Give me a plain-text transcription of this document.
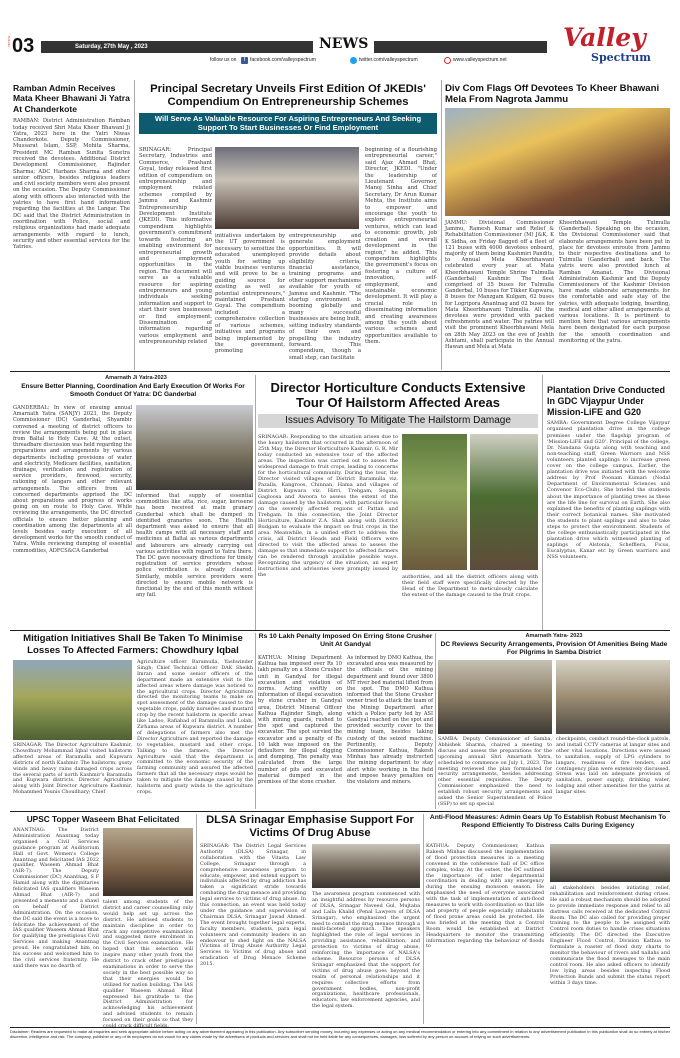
COLOR 03	Saturday, 27th May , 2023	NEWS
follow us on	f facebook.com/valleyspectrum	twitter.com/valleyspectrum	www.valleyspectrum.net
Valley
Spectrum
Ramban Admin Receives Mata Kheer Bhawani Ji Yatra At Chanderkote
RAMBAN: District Administration Ramban today received Shri Mata Kheer Bhawani Ji Yatra, 2023 here in the Yatri Niwas Chanderkote. Deputy Commissioner, Mussarat Islam, SSP, Mohita Sharma, President MC Ramban Sunita Sunetra received the devotees. Additional District Development Commissioner, Rajinder Sharma; ADC Harbans Sharma and other senior officers, besides religious leaders and civil society members were also present on the occasion. The Deputy Commissioner along with officers also interacted with the yatries to have first hand information regarding the facilities at the Langar. The DC said that the District Administration in coordination with Police, social and religious organizations had made adequate arrangements with regard to lunch, security and other essential services for the Yatries.
Principal Secretary Unveils First Edition Of JKEDIs' Compendium On Entrepreneurship Schemes
Will Serve As Valuable Resource For Aspiring Entrepreneurs And Seeking Support To Start Businesses Or Find Employment
SRINAGAR: Principal Secretary, Industries and Commerce, Prashant Goyal, today released first edition of compendium on entrepreneurship and employment related schemes compiled by Jammu and Kashmir Entrepreneurship Development Institute (JKEDI). This informative compendium highlights government's commitment towards fostering an enabling environment for entrepreneurial growth and employment opportunities in the region. The document will serve as a valuable resource for aspiring entrepreneurs and young individuals seeking information and support to start their own businesses or find employment. Dissemination of information regarding various employment and entrepreneurship related
initiatives undertaken by the UT government is necessary to sensitize the educated unemployed youth for setting up viable business ventures and will prove to be a guiding source for existing as well as potential entrepreneurs," maintained Prashant Goyal. The compendium included a comprehensive collection of various schemes, initiatives and programs being implemented by the government, promoting
entrepreneurship and generate employment opportunities. It will provide details about eligibility criteria, financial assistance, training programs and other support mechanisms available for youth of Jammu and Kashmir. "The startup environment is booming globally and many successful businesses are being built, setting industry standards of their own and propelling the industry forward. This compendium, though a small step, can facilitate
beginning of a flourishing entrepreneurial career," said Ajaz Ahmad Bhat, Director, JKEDI. "Under the leadership of Lieutenant Governor, Manoj Sinha and Chief Secretary, Dr Arun Kumar Mehta, the Institute aims to empower and encourage the youth to explore entrepreneurial ventures, which can lead to economic growth, job creation and overall development in the region," he added. This compendium highlights the government's focus on fostering a culture of innovation, self-employment, and sustainable economic development. It will play a crucial role in disseminating information and creating awareness among the youth about various schemes and opportunities available to them.
Div Com Flags Off Devotees To Kheer Bhawani Mela From Nagrota Jammu
JAMMU: Divisional Commissioner Jammu, Ramesh Kumar and Relief & Rehabilitation Commissioner (M) J&K, K K Sidha, on Friday flagged off a fleet of 121 buses with 4000 devotees onboard, majority of them being Kashmiri Pandits, to Annual Mela Kheerbhawani celebrated every year at Mata Kheerbhawani Temple Shrine Tulmulla (Ganderbal) Kashmir. The fleet comprised of 35 buses for Tulmulla Ganderbal, 10 buses for Tikker Kupwara, 8 buses for Manzgam Kulgam, 62 buses for Logripora Anantnag and 02 buses for Mata Kheerbhawani Tulmulla. All the devotees were provided with packed refreshments and water. The yatries will visit the prominent Kheerbhawani Mela on 28th May 2023 on the eve of Jeshth Ashtami, shall participate in the Annual Hawan and Mela at Mata
Kheerbhawani Temple Tulmulla (Ganderbal). Speaking on the occasion, the Divisional Commissioner said that elaborate arrangements have been put in place for devotees enroute from Jammu to their respective destinations and to Tulmulla (Ganderbal) and back. The yatris were also provided lunch at Ramban Amanat. The Divisional Administration Kashmir and the Deputy Commissioners of the Kashmir Division have made elaborate arrangements for the comfortable and safe stay of the yatries, with adequate lodging, boarding, medical and other allied arrangements at various locations. It is pertinent to mention here that various arrangements have been designated for each purpose for the smooth coordination and monitoring of the yatra.
Amarnath Ji Yatra-2023
Ensure Better Planning, Coordination And Early Execution Of Works For Smooth Conduct Of Yatra: DC Ganderbal
GANDERBAL: In view of ensuing annual Amarnath Yatra (SANJY) 2023, the Deputy Commissioner (DC) Ganderbal, Shyambir convened a meeting of district officers to review the arrangements being put in place from Baltal to Holy Cave. At the outset, threadbare discussion was held regarding the preparations and arrangements by various departments including provisions of water and electricity, Medicare facilities, sanitation, drainage, verification and registration of service providers, firewood, security, rationing of langars and other relevant arrangements. The officers from all concerned departments apprised the DC about preparations and progress of works going on en route to Holy Cave. While reviewing the arrangements, the DC directed officials to ensure better planning and coordination among the departments at all levels besides early execution of all development works for the smooth conduct of Yatra. While reviewing dumping of essential commodities, ADFCS&CA Ganderbal
informed that supply of essential commodities like atta, rice, sugar, kerosene has been received at main granary Gunderbal which shall be dumped in identified granaries soon. The Health department was asked to ensure that all health camps with all necessary staff and medicines at Baltal as various departments and labourers are already carrying out various activities with regard to Yatra there. The DC gave necessary directions for timely registration of service providers whose police verification is already cleared. Similarly, mobile service providers were directed to ensure mobile network is functional by the end of this month without any fail.
Director Horticulture Conducts Extensive Tour Of Hailstorm Affected Areas
Issues Advisory To Mitigate The Hailstorm Damage
SRINAGAR: Responding to the situation arisen due to the heavy hailstorm that occurred in the afternoon of 25th May, the Director Horticulture Kashmir, G. R. Mir today conducted an extensive tour of the affected areas. The inspection was carried out to assess the widespread damage to fruit crops, leading to concerns for the horticultural community. During the tour, the Director visited villages of District Baramulla viz. Pazalla, Kangroos, Chinnan, Hama and villages of District Kupwara viz. Hirri, Trehgam, Sogam, Gagloosa and Awoora to assess the extent of the damage caused by the hailstorm, with particular focus on the severely affected regions of Pattan and Trehgam. In this connection, the Joint Director Horticulture, Kashmir Z.A. Shah along with District Budgam to evaluate the impact on fruit crops in the area. Meanwhile, in a unified effort to address the crisis, all District Heads and Field Officers were directed to visit the affected areas to assess the damage so that immediate support to affected farmers can be rendered through available possible ways. Recognizing the urgency of the situation, an expert instructions and advisories were promptly issued by the	authorities, and all the district officers along with their field staff were specifically directed by the Head of the Department to meticulously calculate the extent of the damage caused to the fruit crops.
Plantation Drive Conducted In GDC Vijaypur Under Mission-LiFE and G20
SAMBA: Government Degree College Vijaypur organised plantation drive in the college premises under the flagship program of 'Mission-LiFE and G20'. Principal of the college, Dr. Nandana Gupta along with teaching and non-teaching staff, Green Warriors and NSS volunteers planted saplings to increase green cover on the college campus. Earlier, the plantation drive was initiated with the welcome address by Prof Poonam Kumari (Nodal Department of Environmental Sciences and Convenor Eco-Club). She briefed the students about the importance of planting trees as these are the life line for survival on Earth. She also explained the benefits of planting saplings with their correct botanical names. She motivated the students to plant saplings and also to take steps to protect the environment. Students of the college enthusiastically participated in the plantation drive which witnessed planting of saplings of Alstonia, Schefflera, Ficus, Eucalyptus, Kanar etc by Green warriors and NSS volunteers.
Mitigation Initiatives Shall Be Taken To Minimise Losses To Affected Farmers: Chowdhury Iqbal
SRINAGAR: The Director Agriculture Kashmir, Chowdhury Mohammad Iqbal visited hailstorm affected areas of Baramulla and Kupwara districts of north Kashmir. The hailstorm, gusty winds and heavy rains damaged crops across the several parts of north Kashmir's Baramulla and Kupwara districts. Director Agriculture along with Joint Director Agriculture Kashmir, Mohammed Younis Choudhary; Chief
Agriculture officer Baramulla, Yashwinder Singh; Chief Technical Officer DAK Sheikh Imran and some senior officers of the department made an extensive visit to the affected areas where damage was noticed to the agricultural crops. Director Agriculture directed the monitoring teams to make on spot assessment of the damage caused to the vegetable crops, paddy nurseries and mustard crop by the recent hailstorm in specific areas like Ladoo, Rafiabad of Baramulla and Lolab, Zirhama areas of Kupwara district. A number of delegations of farmers also met the Director Agriculture and reported the damage to vegetables, mustard and other crops. Talking to the farmers, the Director Agriculture said that the department is committed to the economic security of the farming community and assured the affected farmers that all the necessary steps would be taken to mitigate the damage caused by the hailstorm and gusty winds to the agriculture crops.
Rs 10 Lakh Penalty Imposed On Erring Stone Crusher Unit At Gandyal
KATHUA: Mining Department Kathua has imposed over Rs 10 lakh penalty on a Stone Crusher unit in Gandyal for illegal excavation and violation of norms. Acting swiftly on information of illegal excavation by stone crusher in Gandyal area, District Mineral Officer Kathua Rajinder Singh, along with mining guards, rushed to the spot and captured the excavator. The spot survied the excavator and a penalty of Rs 10 lakh was imposed on the defaulters for illegal digging and dumping. The penalty was calculated from the large number of pits and excavated material dumped in the premises of the stone crusher.
As informed by DMO Kathua, the excavated area was measured by the officials of the mining department and found over 3800 MT river bed material lifted from the spot. The DMO Kathua informed that the Stone Crusher owner tried to attack the team of the Mining Department after which a Police party led by ASI Gandyal reached on the spot and provided security cover to the mining team, besides taking custody of the seized machine. Pertinently, Deputy Commissioner Kathua, Rakesh Minhas has already instructed the mining department to stay alert while working in the field and impose heavy penalties on the violators and miners.
Amarnath Yatra- 2023
DC Reviews Security Arrangements, Provision Of Amenities Being Made For Pilgrims In Samba District
SAMBA: Deputy Commissioner of Samba, Abhishek Sharma, chaired a meeting to discuss and assess the preparations for the upcoming annual Shri Amarnath Yatra, scheduled to commence on July 1, 2023. The meeting reviewed the plan formulated for security arrangements, besides addressing other essential requisites. The Deputy Commissioner emphasized the need to establish robust security arrangements and asked the Senior Superintendent of Police (SSP) to set up special
checkpoints, conduct round-the-clock patrols, and install CCTV cameras at langar sites and other vital locations. Directions were issued to sanitation, supply of LPG cylinders to langars, readiness of fire tenders, and contingency plan were extensively discussed. Stress was laid on adequate provision of sanitation, power supply, drinking water, lodging and other amenities for the yatris at langar sites.
UPSC Topper Waseem Bhat Felicitated
ANANTNAG: The District Administration Anantnag today organised a Civil Services guidance program at Auditorium Hall of Govt. Women's College Anantnag and felicitated IAS 2022 qualifier, Waseem Ahmad Bhat (AIR-7). The Deputy Commissioner (DC) Anantnag, S F Hamid along with the dignitaries felicitated IAS qualifiers Waseem Ahmad Bhat (AIR-7) and presented a memento and a shawl on behalf of District Administration. On the occasion, the DC said the event is a move to felicitate the achievement of the IAS qualifier Waseem Ahmad Bhat for qualifying the prestigious Civil Services and making Anantnag proud. He congratulated him on his success and welcomed him to the civil services fraternity. He said there was no dearth of
talent among students of the district and career counselling only would help set up across the district. He advised students to maintain discipline in order to crack any competitive examination and suggested more enrolment in the Civil Services examination. He hoped that this selection will inspire many other youth from the district to crack other prestigious examinations in order to serve the society in the best possible way so that their energies would be utilized for nation building. The IAS qualifier Waseem Ahmad Bhat expressed his gratitude to the District Administration for acknowledging his achievement and advised students to remain focused on their goals so that they could crack difficult fields.
DLSA Srinagar Emphasise Support For Victims Of Drug Abuse
SRINAGAR: The District Legal Services Authority (DLSA) Srinagar, in collaboration with the Vitasta Law College, Srinagar through a comprehensive awareness program to educate, empower, and extend support to individuals affected by drug addiction has taken a significant stride towards combating the drug menace and providing legal services to victims of drug abuse. In this connection, an event was held today under the guidance and supervision of Chairman DLSA, Srinagar Jawad Ahmed. The event brought together legal experts, faculty members, students, para legal volunteers and community leaders in an endeavour to shed light on the NALSA (Victims of Drug Abuse Authority Legal Services to Victims of drug abuse and eradication of Drug Menace Scheme 2015.
The awareness program commenced with an insightful address by resource persons of DLSA, Srinagar Naveed Gul, Mujtaba and Laila Khalid (Penal Lawyers of DLSA Srinagar), who emphasized the urgent need to combat the drug menace through a multi-faceted approach. The speakers highlighted the role of legal services in providing assistance, rehabilitation, and protection to victims of drug abuse, reinforcing the importance of NALSA's scheme. Resource persons of DLSA Srinagar emphasized that the support for victims of drug abuse goes beyond the realm of personal relationships and it requires collective efforts from government bodies, non-profit organizations, healthcare professionals, educators, law enforcement agencies, and the legal system.
Anti-Flood Measures: Admin Gears Up To Establish Robust Mechanism To Respond Efficiently To Distress Calls During Exigency
KATHUA: Deputy Commissioner, Kathua Rakesh Minhas discussed the implementation of flood protection measures in a meeting convened in the conference hall of DC office complex, today. At the outset, the DC outlined the importance of inter departmental coordination in dealing with any emergency during the ensuing monsoon season. He emphasised the need of everyone associated with the task of implementation of anti-flood measures to work with coordination so that life and property of people especially inhabitants of flood prone areas could be protected. He was briefed at the meeting that a Control Room would be established at District Headquarters to monitor the transmitting information regarding the behaviour of floods to
all stakeholders besides initiating relief, rehabilitation and reinforcement during crises. He said a robust mechanism should be adopted to provide immediate response and relief to all distress calls received at the dedicated Control Room. The DC also called for providing proper training to the people to be assigned with Control room duties to handle crises situations efficiently. The DC directed the Executive Engineer Flood Control, Division Kathua to formulate a roaster of flood duty charts to monitor the behaviour of rivers and nallahs and communicate the flood messages to the main control room. He also asked officers to identify low lying areas besides inspecting Flood Protection Bunds and submit the status report within 3 days time.
Disclaimer: Readers are requested to make all enquiries and seek appropriate advice before acting on any advertisement appearing in this publication. Any subscriber sending money, incurring any expenses or acting on any medical recommendation or entering into any commitment in relation to any advertisement publication in this publication shall do so entirely at his/her discretion, intelligence and risk. The company, publisher or any of its employees do not vouch for any claims made by the advertisers of products and services and shall not be held liable for any consequences, damages, loss suffered by any person on account of relying on such advertisements.
